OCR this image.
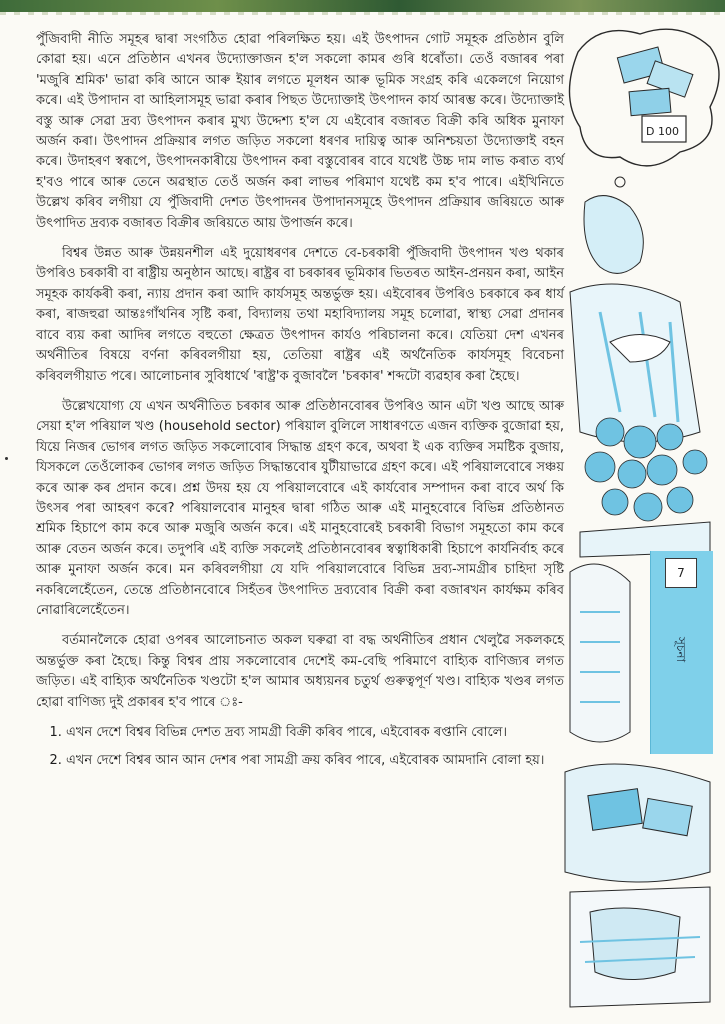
D 100
7
সূচনা

পুঁজিবাদী নীতি সমূহৰ দ্বাৰা সংগঠিত হোৱা পৰিলক্ষিত হয়। এই উৎপাদন গোট সমূহক প্ৰতিষ্ঠান বুলি কোৱা হয়। এনে প্ৰতিষ্ঠান এখনৰ উদ্যোক্তাজন হ'ল সকলো কামৰ গুৰি ধৰোঁতা। তেওঁ বজাৰৰ পৰা 'মজুৰি শ্ৰমিক' ভাৱা কৰি আনে আৰু ইয়াৰ লগতে মূলধন আৰু ভূমিক সংগ্ৰহ কৰি একেলগে নিয়োগ কৰে। এই উপাদান বা আহিলাসমূহ ভাৱা কৰাৰ পিছত উদ্যোক্তাই উৎপাদন কাৰ্য আৰম্ভ কৰে। উদ্যোক্তাই বস্তু আৰু সেৱা দ্ৰব্য উৎপাদন কৰাৰ মুখ্য উদ্দেশ্য হ'ল যে এইবোৰ বজাৰত বিক্ৰী কৰি অধিক মুনাফা অৰ্জন কৰা। উৎপাদন প্ৰক্ৰিয়াৰ লগত জড়িত সকলো ধৰণৰ দায়িত্ব আৰু অনিশ্চয়তা উদ্যোক্তাই বহন কৰে। উদাহৰণ স্বৰূপে, উৎপাদনকাৰীয়ে উৎপাদন কৰা বস্তুবোৰৰ বাবে যথেষ্ট উচ্চ দাম লাভ কৰাত ব্যৰ্থ হ'বও পাৰে আৰু তেনে অৱস্থাত তেওঁ অৰ্জন কৰা লাভৰ পৰিমাণ যথেষ্ট কম হ'ব পাৰে। এইখিনিতে উল্লেখ কৰিব লগীয়া যে পুঁজিবাদী দেশত উৎপাদনৰ উপাদানসমূহে উৎপাদন প্ৰক্ৰিয়াৰ জৰিয়তে আৰু উৎপাদিত দ্ৰব্যক বজাৰত বিক্ৰীৰ জৰিয়তে আয় উপাৰ্জন কৰে।

বিশ্বৰ উন্নত আৰু উন্নয়নশীল এই দুয়োধৰণৰ দেশতে বে-চৰকাৰী পুঁজিবাদী উৎপাদন খণ্ড থকাৰ উপৰিও চৰকাৰী বা ৰাষ্ট্ৰীয় অনুষ্ঠান আছে। ৰাষ্ট্ৰৰ বা চৰকাৰৰ ভূমিকাৰ ভিতৰত আইন-প্ৰনয়ন কৰা, আইন সমূহক কাৰ্যকৰী কৰা, ন্যায় প্ৰদান কৰা আদি কাৰ্যসমূহ অন্তৰ্ভুক্ত হয়। এইবোৰৰ উপৰিও চৰকাৰে কৰ ধাৰ্য কৰা, ৰাজহুৱা আন্তঃগাঁথনিৰ সৃষ্টি কৰা, বিদ্যালয় তথা মহাবিদ্যালয় সমূহ চলোৱা, স্বাস্থ্য সেৱা প্ৰদানৰ বাবে ব্যয় কৰা আদিৰ লগতে বহুতো ক্ষেত্ৰত উৎপাদন কাৰ্যও পৰিচালনা কৰে। যেতিয়া দেশ এখনৰ অৰ্থনীতিৰ বিষয়ে বৰ্ণনা কৰিবলগীয়া হয়, তেতিয়া ৰাষ্ট্ৰৰ এই অৰ্থনৈতিক কাৰ্যসমূহ বিবেচনা কৰিবলগীয়াত পৰে। আলোচনাৰ সুবিধাৰ্থে 'ৰাষ্ট্ৰ'ক বুজাবলৈ 'চৰকাৰ' শব্দটো ব্যৱহাৰ কৰা হৈছে।

উল্লেখযোগ্য যে এখন অৰ্থনীতিত চৰকাৰ আৰু প্ৰতিষ্ঠানবোৰৰ উপৰিও আন এটা খণ্ড আছে আৰু সেয়া হ'ল পৰিয়াল খণ্ড (household sector) পৰিয়াল বুলিলে সাধাৰণতে এজন ব্যক্তিক বুজোৱা হয়, যিয়ে নিজৰ ভোগৰ লগত জড়িত সকলোবোৰ সিদ্ধান্ত গ্ৰহণ কৰে, অথবা ই এক ব্যক্তিৰ সমষ্টিক বুজায়, যিসকলে তেওঁলোকৰ ভোগৰ লগত জড়িত সিদ্ধান্তবোৰ যুটীয়াভাৱে গ্ৰহণ কৰে। এই পৰিয়ালবোৰে সঞ্চয় কৰে আৰু কৰ প্ৰদান কৰে। প্ৰশ্ন উদয় হয় যে পৰিয়ালবোৰে এই কাৰ্যবোৰ সম্পাদন কৰা বাবে অৰ্থ কি উৎসৰ পৰা আহৰণ কৰে? পৰিয়ালবোৰ মানুহৰ দ্বাৰা গঠিত আৰু এই মানুহবোৰে বিভিন্ন প্ৰতিষ্ঠানত শ্ৰমিক হিচাপে কাম কৰে আৰু মজুৰি অৰ্জন কৰে। এই মানুহবোৰেই চৰকাৰী বিভাগ সমূহতো কাম কৰে আৰু বেতন অৰ্জন কৰে। তদুপৰি এই ব্যক্তি সকলেই প্ৰতিষ্ঠানবোৰৰ স্বত্বাধিকাৰী হিচাপে কাৰ্যনিৰ্বাহ কৰে আৰু মুনাফা অৰ্জন কৰে। মন কৰিবলগীয়া যে যদি পৰিয়ালবোৰে বিভিন্ন দ্ৰব্য-সামগ্ৰীৰ চাহিদা সৃষ্টি নকৰিলেহেঁতেন, তেন্তে প্ৰতিষ্ঠানবোৰে সিহঁতৰ উৎপাদিত দ্ৰব্যবোৰ বিক্ৰী কৰা বজাৰখন কাৰ্যক্ষম কৰিব নোৱাৰিলেহেঁতেন।

বৰ্তমানলৈকে হোৱা ওপৰৰ আলোচনাত অকল ঘৰুৱা বা বদ্ধ অৰ্থনীতিৰ প্ৰধান খেলুৱৈ সকলকহে অন্তৰ্ভুক্ত কৰা হৈছে। কিন্তু বিশ্বৰ প্ৰায় সকলোবোৰ দেশেই কম-বেছি পৰিমাণে বাহ্যিক বাণিজ্যৰ লগত জড়িত। এই বাহ্যিক অৰ্থনৈতিক খণ্ডটো হ'ল আমাৰ অধ্যয়নৰ চতুৰ্থ গুৰুত্বপূৰ্ণ খণ্ড। বাহ্যিক খণ্ডৰ লগত হোৱা বাণিজ্য দুই প্ৰকাৰৰ হ'ব পাৰে ঃ-

1. এখন দেশে বিশ্বৰ বিভিন্ন দেশত দ্ৰব্য সামগ্ৰী বিক্ৰী কৰিব পাৰে, এইবোৰক ৰপ্তানি বোলে।
2. এখন দেশে বিশ্বৰ আন আন দেশৰ পৰা সামগ্ৰী ক্ৰয় কৰিব পাৰে, এইবোৰক আমদানি বোলা হয়।
